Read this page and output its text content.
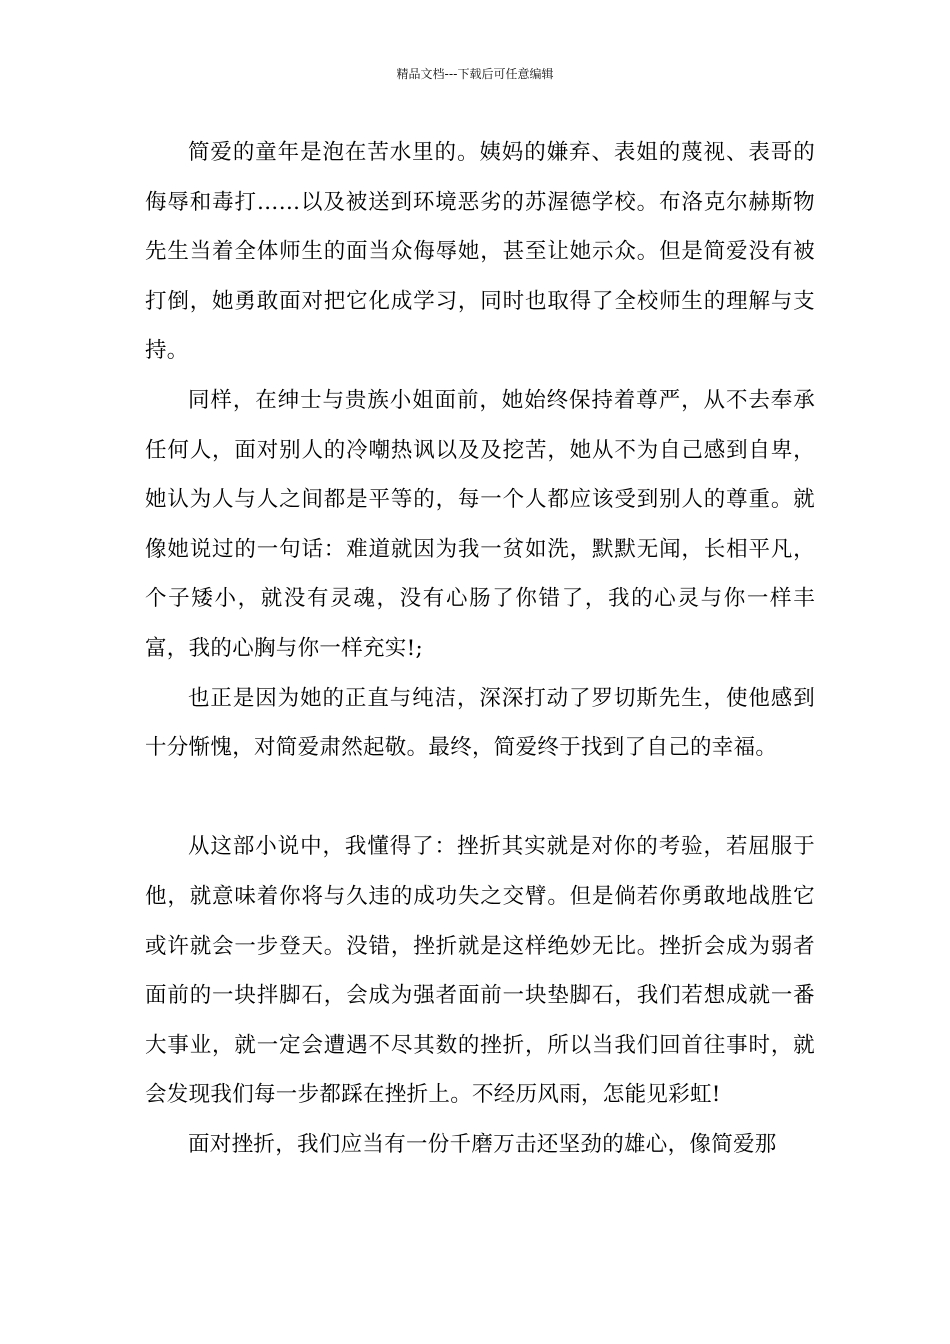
精品文档---下载后可任意编辑

简爱的童年是泡在苦水里的。姨妈的嫌弃、表姐的蔑视、表哥的侮辱和毒打……以及被送到环境恶劣的苏渥德学校。布洛克尔赫斯物先生当着全体师生的面当众侮辱她，甚至让她示众。但是简爱没有被打倒，她勇敢面对把它化成学习，同时也取得了全校师生的理解与支持。

同样，在绅士与贵族小姐面前，她始终保持着尊严，从不去奉承任何人，面对别人的冷嘲热讽以及及挖苦，她从不为自己感到自卑，她认为人与人之间都是平等的，每一个人都应该受到别人的尊重。就像她说过的一句话：难道就因为我一贫如洗，默默无闻，长相平凡，个子矮小，就没有灵魂，没有心肠了你错了，我的心灵与你一样丰富，我的心胸与你一样充实!;

也正是因为她的正直与纯洁，深深打动了罗切斯先生，使他感到十分惭愧，对简爱肃然起敬。最终，简爱终于找到了自己的幸福。

从这部小说中，我懂得了：挫折其实就是对你的考验，若屈服于他，就意味着你将与久违的成功失之交臂。但是倘若你勇敢地战胜它或许就会一步登天。没错，挫折就是这样绝妙无比。挫折会成为弱者面前的一块拌脚石，会成为强者面前一块垫脚石，我们若想成就一番大事业，就一定会遭遇不尽其数的挫折，所以当我们回首往事时，就会发现我们每一步都踩在挫折上。不经历风雨，怎能见彩虹!

面对挫折，我们应当有一份千磨万击还坚劲的雄心，像简爱那
